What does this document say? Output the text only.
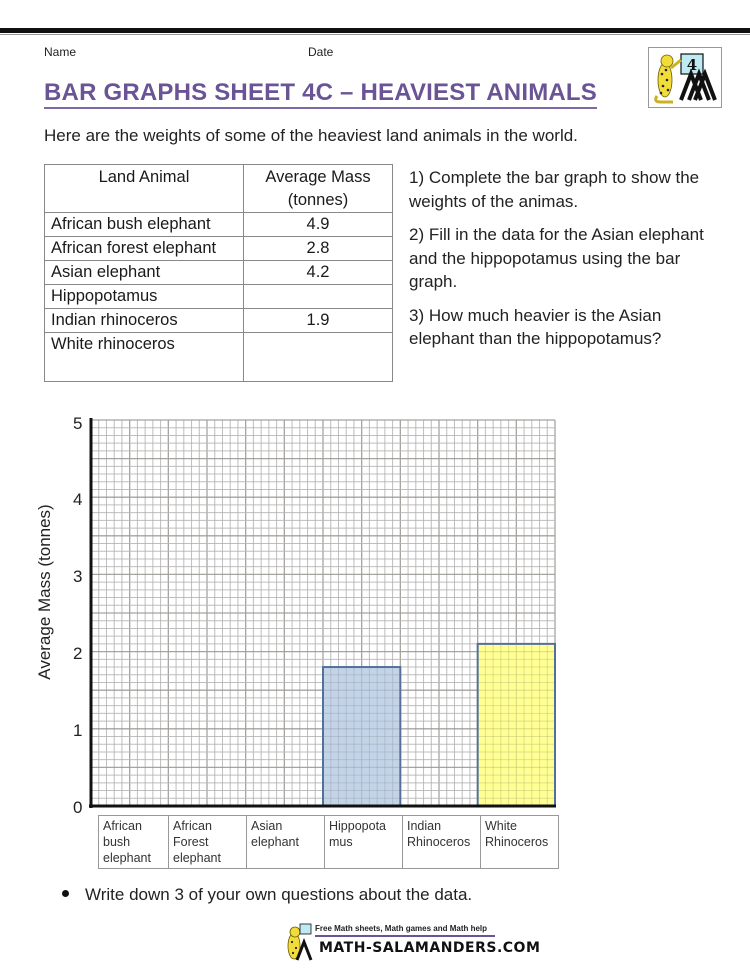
Name	Date
BAR GRAPHS SHEET 4C – HEAVIEST ANIMALS
4
Here are the weights of some of the heaviest land animals in the world.
Land Animal	Average Mass (tonnes)
African bush elephant	4.9
African forest elephant	2.8
Asian elephant	4.2
Hippopotamus	
Indian rhinoceros	1.9
White rhinoceros	

1) Complete the bar graph to show the weights of the animas.

2) Fill in the data for the Asian elephant and the hippopotamus using the bar graph.

3) How much heavier is the Asian elephant than the hippopotamus?

Average Mass (tonnes)
5
4
3
2
1
0
African
bush
elephant	African
Forest
elephant	Asian
elephant	Hippopota
mus	Indian
Rhinoceros	White
Rhinoceros
Write down 3 of your own questions about the data.
Free Math sheets, Math games and Math help
MATH-SALAMANDERS.COM
